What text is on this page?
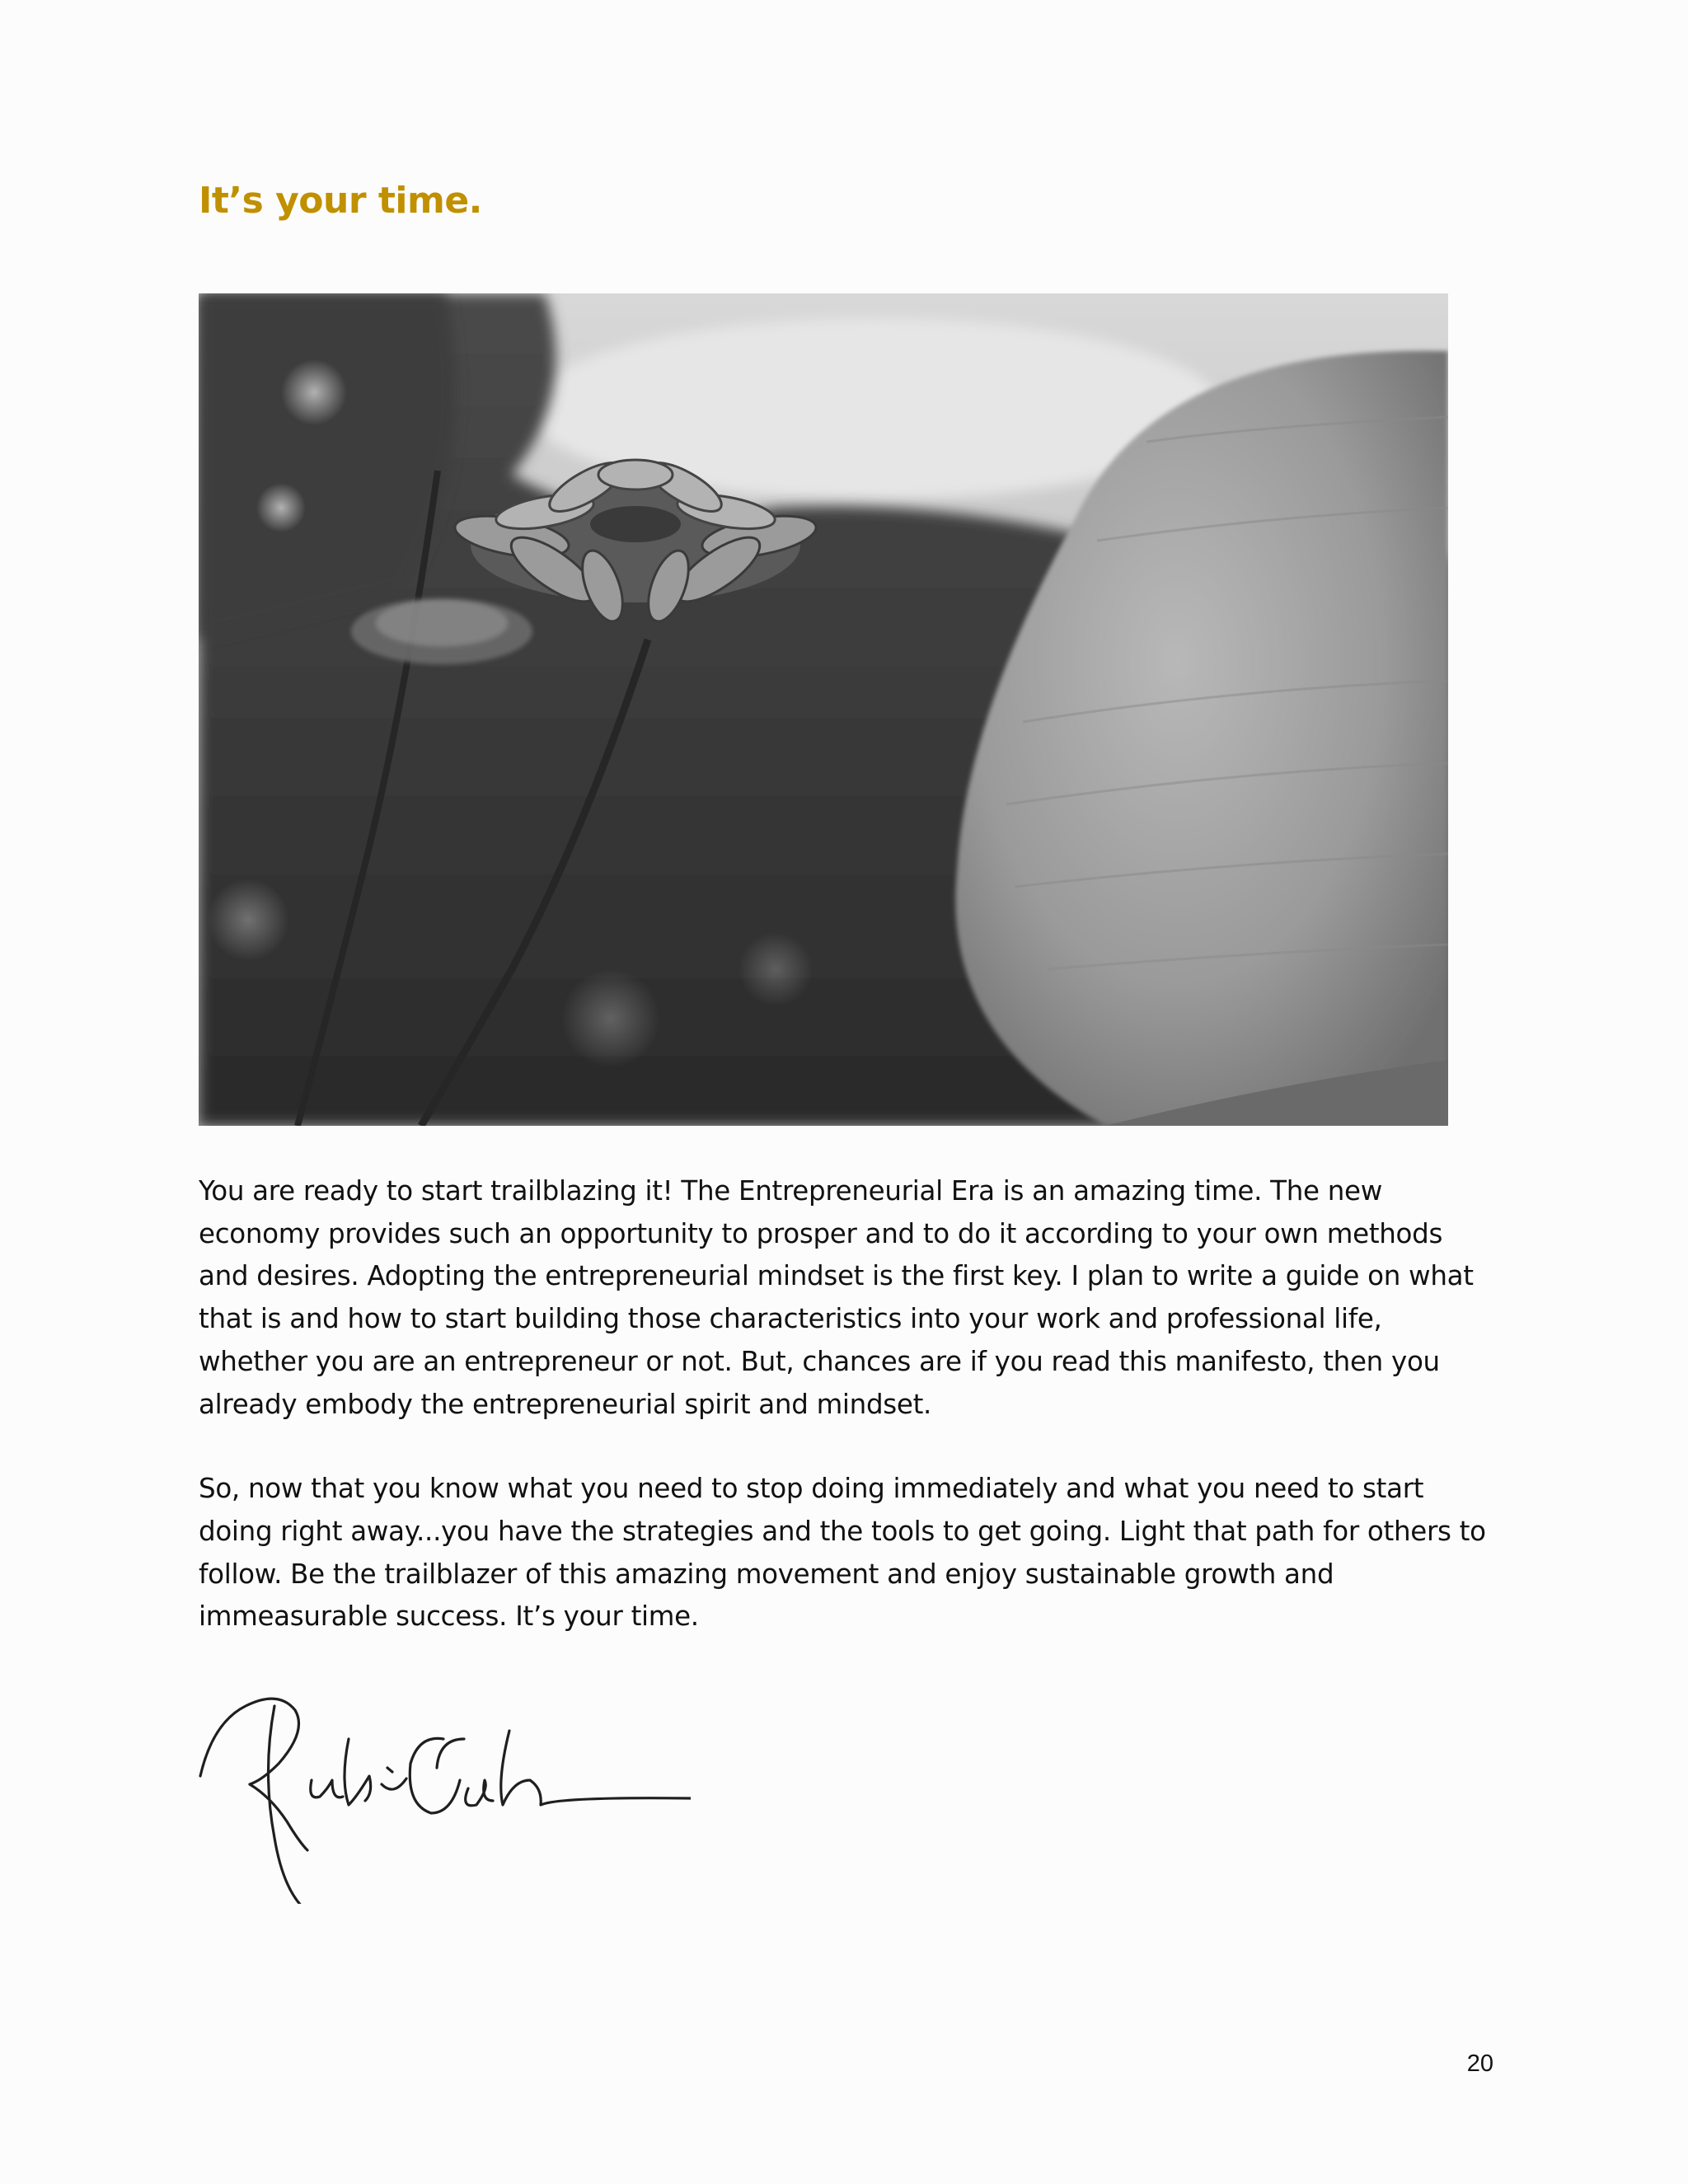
It’s your time.

You are ready to start trailblazing it! The Entrepreneurial Era is an amazing time. The new economy provides such an opportunity to prosper and to do it according to your own methods and desires. Adopting the entrepreneurial mindset is the first key. I plan to write a guide on what that is and how to start building those characteristics into your work and professional life, whether you are an entrepreneur or not. But, chances are if you read this manifesto, then you already embody the entrepreneurial spirit and mindset.

So, now that you know what you need to stop doing immediately and what you need to start doing right away...you have the strategies and the tools to get going. Light that path for others to follow. Be the trailblazer of this amazing movement and enjoy sustainable growth and immeasurable success. It’s your time.

20
